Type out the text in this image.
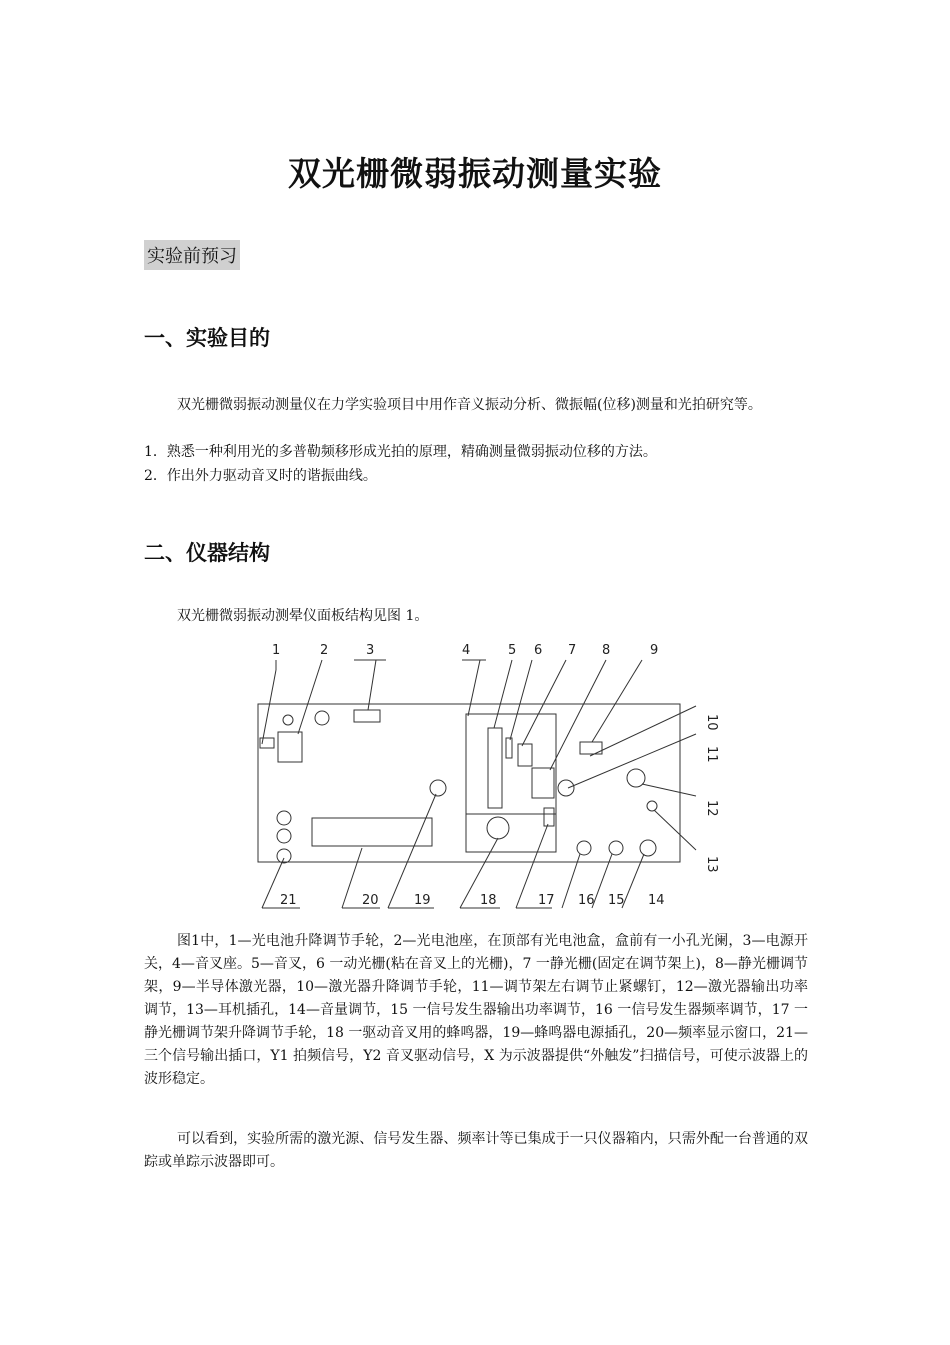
双光栅微弱振动测量实验
实验前预习
一、实验目的

双光栅微弱振动测量仪在力学实验项目中用作音义振动分析、微振幅(位移)测量和光拍研究等。

1．熟悉一种利用光的多普勒频移形成光拍的原理，精确测量微弱振动位移的方法。
2．作出外力驱动音叉时的谐振曲线。
二、仪器结构

双光栅微弱振动测晕仪面板结构见图 1。

1	2	3	4	5 6 7 8	9
10
11
12
13
21	20	19	18	17 16 15 14

图1中，1—光电池升降调节手轮，2—光电池座，在顶部有光电池盒，盒前有一小孔光阑，3—电源开关，4—音叉座。5—音叉，6 一动光栅(粘在音叉上的光栅)，7 一静光栅(固定在调节架上)，8—静光栅调节架，9—半导体激光器，10—激光器升降调节手轮，11—调节架左右调节止紧螺钉，12—激光器输出功率调节，13—耳机插孔，14—音量调节，15 一信号发生器输出功率调节，16 一信号发生器频率调节，17 一静光栅调节架升降调节手轮，18 一驱动音叉用的蜂鸣器，19—蜂鸣器电源插孔，20—频率显示窗口，21—三个信号输出插口，Y1 拍频信号，Y2 音叉驱动信号，X 为示波器提供“外触发”扫描信号，可使示波器上的波形稳定。

可以看到，实验所需的激光源、信号发生器、频率计等已集成于一只仪器箱内，只需外配一台普通的双踪或单踪示波器即可。
